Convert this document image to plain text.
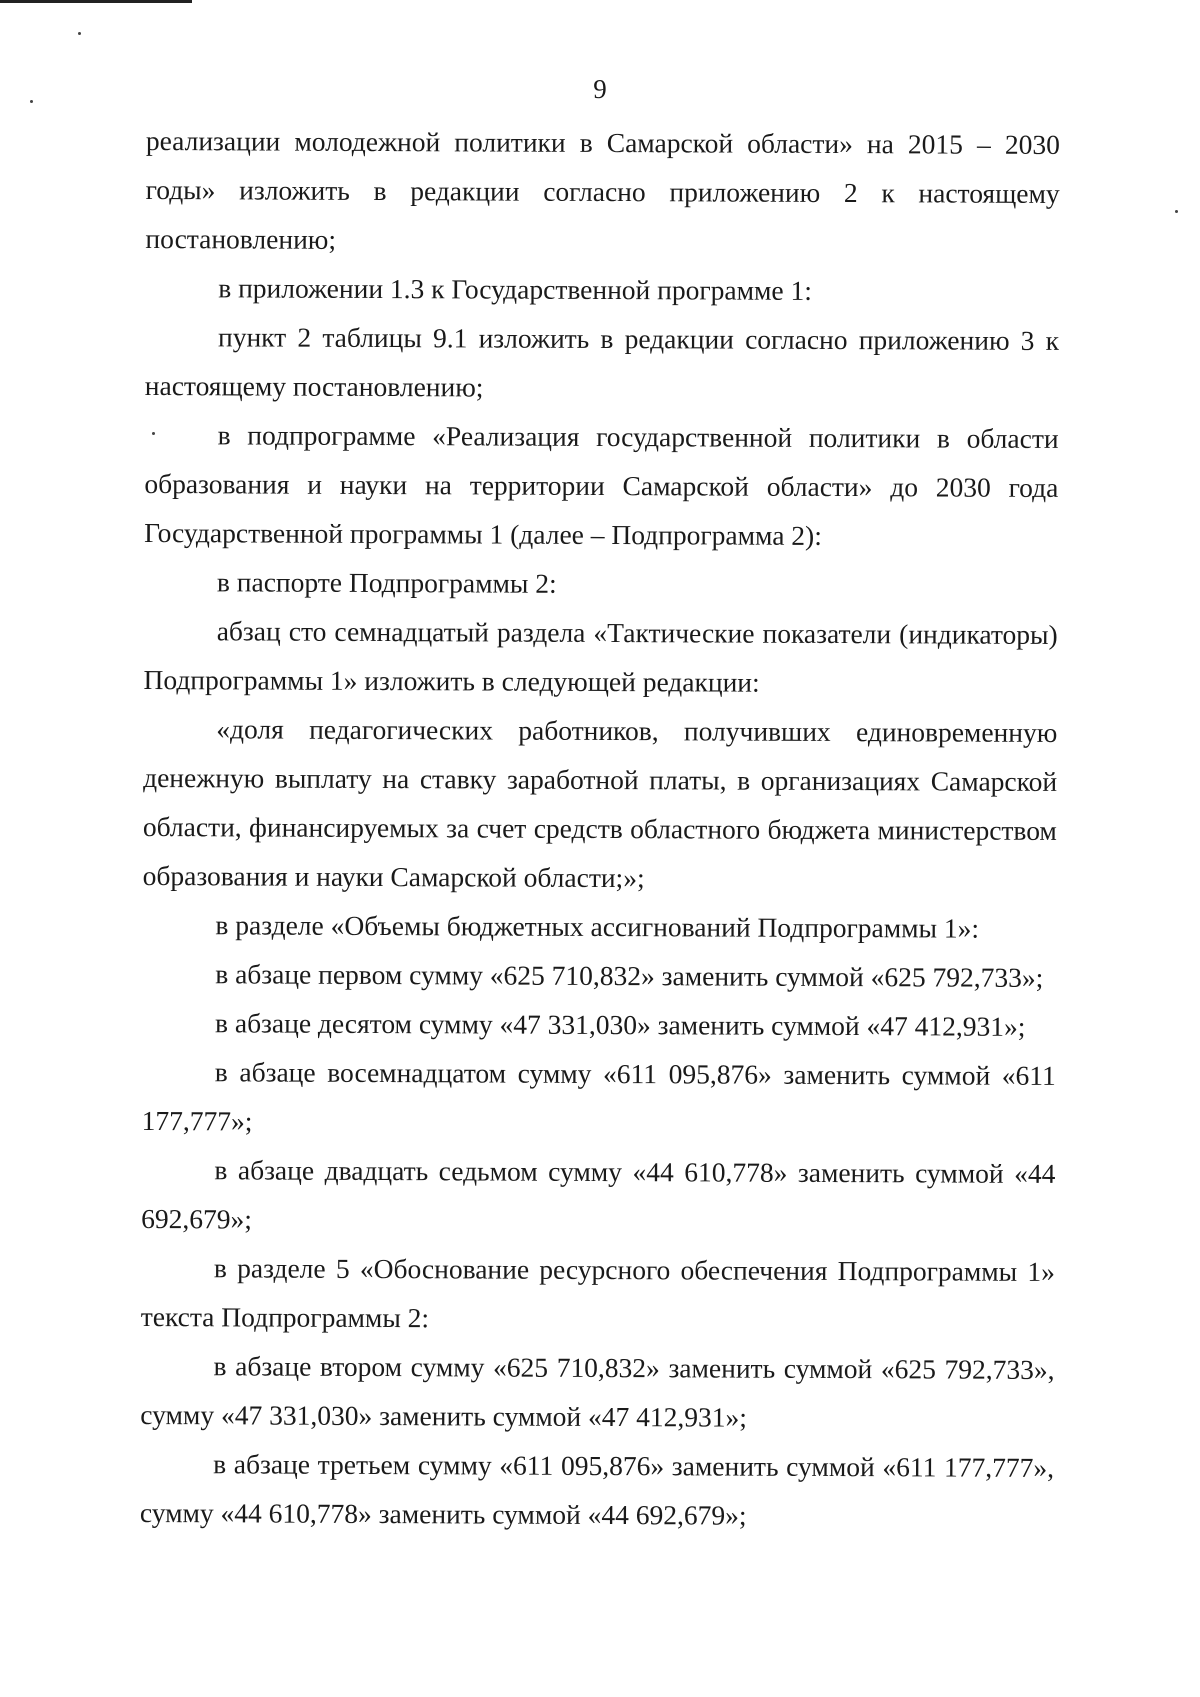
9

реализации молодежной политики в Самарской области» на 2015 – 2030 годы» изложить в редакции согласно приложению 2 к настоящему постановлению;

в приложении 1.3 к Государственной программе 1:

пункт 2 таблицы 9.1 изложить в редакции согласно приложению 3 к настоящему постановлению;

в подпрограмме «Реализация государственной политики в области образования и науки на территории Самарской области» до 2030 года Государственной программы 1 (далее – Подпрограмма 2):

в паспорте Подпрограммы 2:

абзац сто семнадцатый раздела «Тактические показатели (индикаторы) Подпрограммы 1» изложить в следующей редакции:

«доля педагогических работников, получивших единовременную денежную выплату на ставку заработной платы, в организациях Самарской области, финансируемых за счет средств областного бюджета министерством образования и науки Самарской области;»;

в разделе «Объемы бюджетных ассигнований Подпрограммы 1»:

в абзаце первом сумму «625 710,832» заменить суммой «625 792,733»;

в абзаце десятом сумму «47 331,030» заменить суммой «47 412,931»;

в абзаце восемнадцатом сумму «611 095,876» заменить суммой «611 177,777»;

в абзаце двадцать седьмом сумму «44 610,778» заменить суммой «44 692,679»;

в разделе 5 «Обоснование ресурсного обеспечения Подпрограммы 1» текста Подпрограммы 2:

в абзаце втором сумму «625 710,832» заменить суммой «625 792,733», сумму «47 331,030» заменить суммой «47 412,931»;

в абзаце третьем сумму «611 095,876» заменить суммой «611 177,777», сумму «44 610,778» заменить суммой «44 692,679»;
